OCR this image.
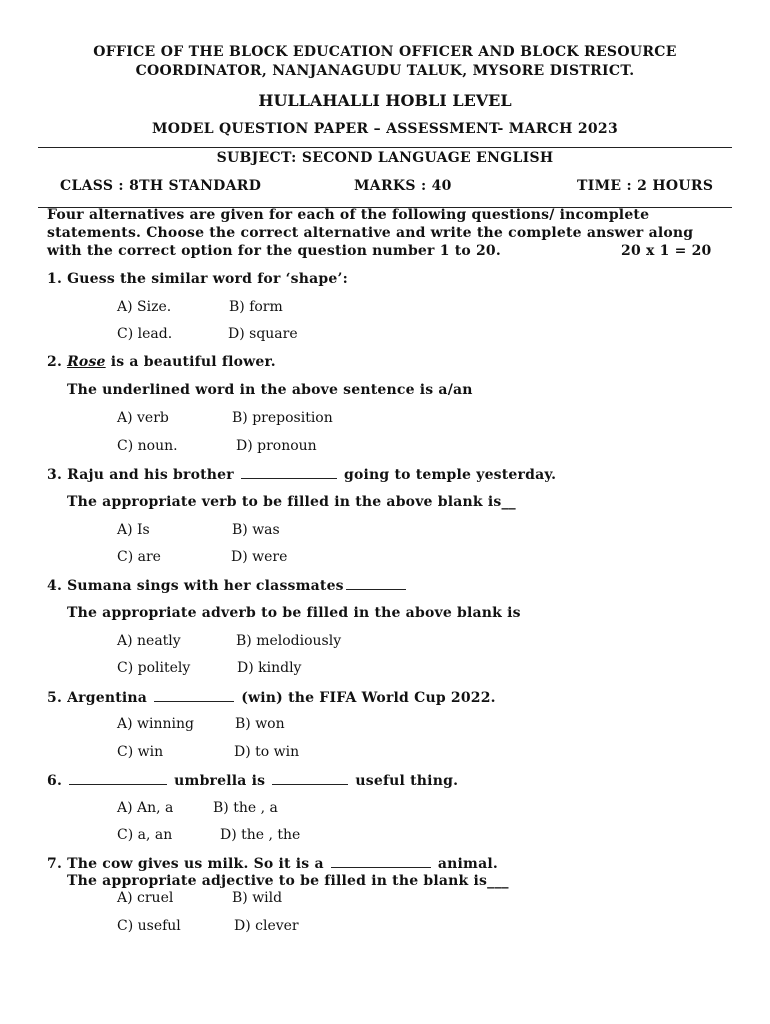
OFFICE OF THE BLOCK EDUCATION OFFICER AND BLOCK RESOURCE
COORDINATOR, NANJANAGUDU TALUK, MYSORE DISTRICT.
HULLAHALLI HOBLI LEVEL
MODEL QUESTION PAPER – ASSESSMENT- MARCH 2023
SUBJECT: SECOND LANGUAGE ENGLISH
CLASS : 8TH STANDARD	MARKS : 40	TIME : 2 HOURS
Four alternatives are given for each of the following questions/ incomplete
statements. Choose the correct alternative and write the complete answer along
with the correct option for the question number 1 to 20.	20 x 1 = 20
1. Guess the similar word for ‘shape’:
A) Size.	B) form
C) lead.	D) square
2. Rose is a beautiful flower.
The underlined word in the above sentence is a/an
A) verb	B) preposition
C) noun.	D) pronoun
3. Raju and his brother	going to temple yesterday.
The appropriate verb to be filled in the above blank is__
A) Is	B) was
C) are	D) were
4. Sumana sings with her classmates
The appropriate adverb to be filled in the above blank is
A) neatly	B) melodiously
C) politely	D) kindly
5. Argentina	(win) the FIFA World Cup 2022.
A) winning	B) won
C) win	D) to win
6.	umbrella is	useful thing.
A) An, a	B) the , a
C) a, an	D) the , the
7. The cow gives us milk. So it is a	animal.
The appropriate adjective to be filled in the blank is___
A) cruel	B) wild
C) useful	D) clever
